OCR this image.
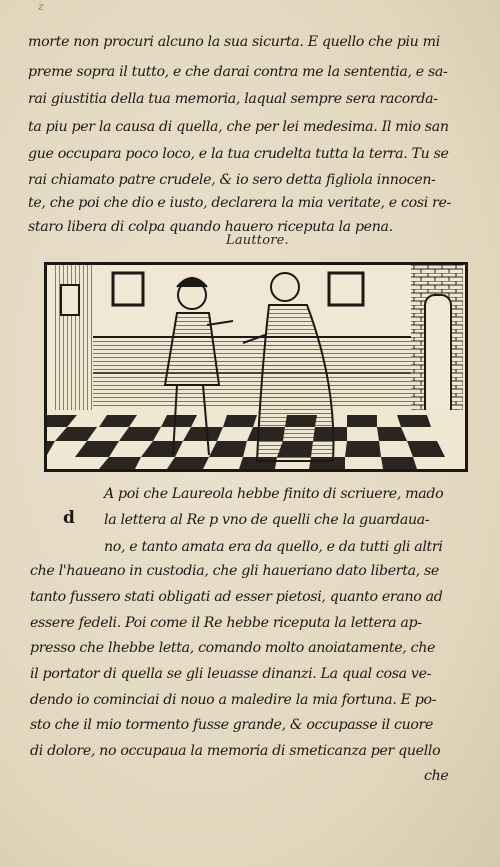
z
morte non procuri alcuno la sua sicurta. E quello che piu mi
preme sopra il tutto, e che darai contra me la sententia, e sa-
rai giustitia della tua memoria, laqual sempre sera racorda-
ta piu per la causa di quella, che per lei medesima. Il mio san
gue occupara poco loco, e la tua crudelta tutta la terra. Tu se
rai chiamato patre crudele, & io sero detta figliola innocen-
te, che poi che dio e iusto, declarera la mia veritate, e cosi re-
staro libera di colpa quando hauero riceputa la pena.
Lauttore.
d
A poi che Laureola hebbe finito di scriuere, mado
la lettera al Re p vno de quelli che la guardaua-
no, e tanto amata era da quello, e da tutti gli altri
che l'haueano in custodia, che gli haueriano dato liberta, se
tanto fussero stati obligati ad esser pietosi, quanto erano ad
essere fedeli. Poi come il Re hebbe riceputa la lettera ap-
presso che lhebbe letta, comando molto anoiatamente, che
il portator di quella se gli leuasse dinanzi. La qual cosa ve-
dendo io cominciai di nouo a maledire la mia fortuna. E po-
sto che il mio tormento fusse grande, & occupasse il cuore
di dolore, no occupaua la memoria di smeticanza per quello
che
